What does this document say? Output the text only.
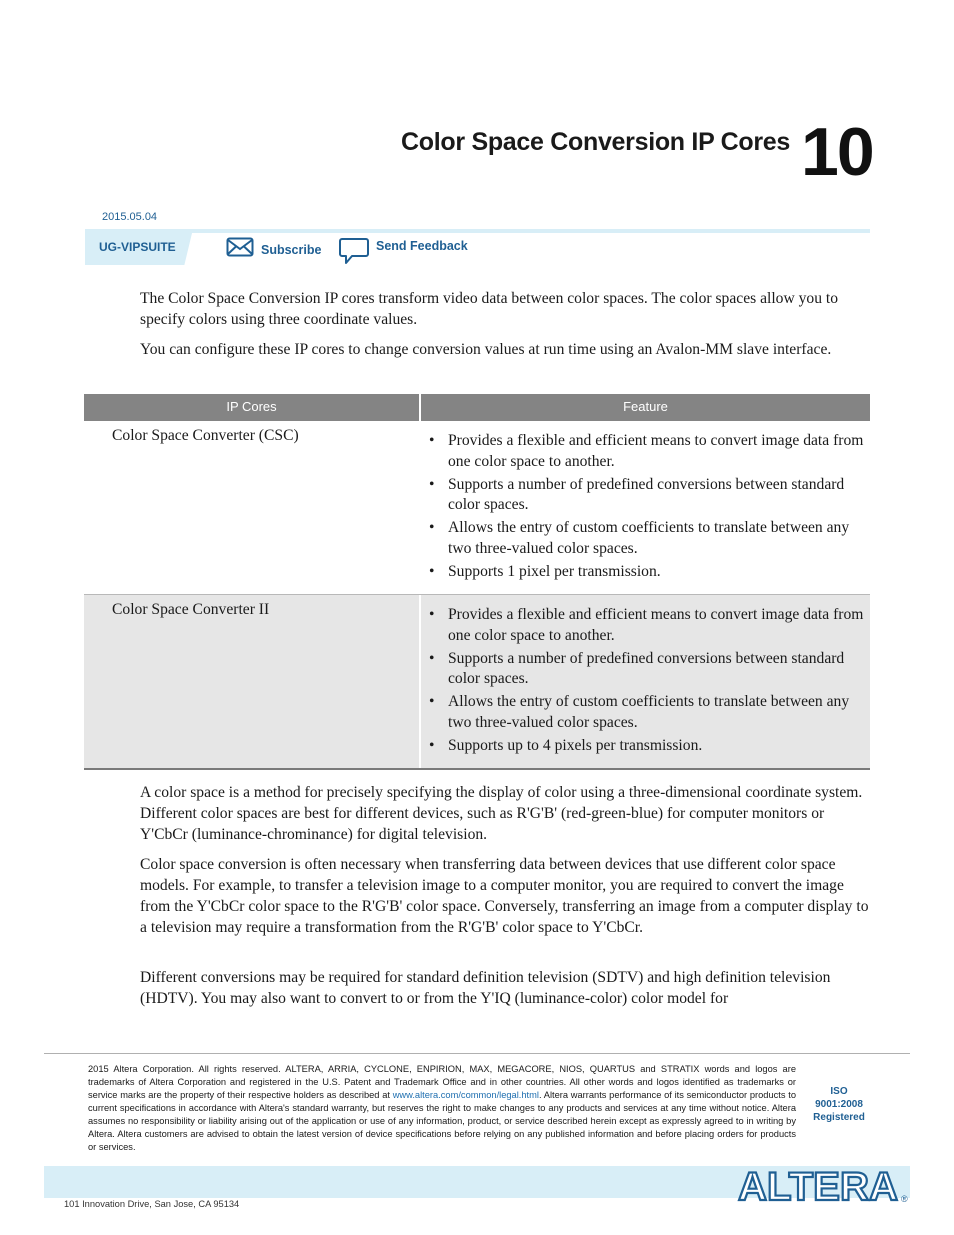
Color Space Conversion IP Cores 10
2015.05.04
UG-VIPSUITE	Subscribe	Send Feedback

The Color Space Conversion IP cores transform video data between color spaces. The color spaces allow you to specify colors using three coordinate values.

You can configure these IP cores to change conversion values at run time using an Avalon-MM slave interface.

IP Cores	Feature
Color Space Converter (CSC)	• Provides a flexible and efficient means to convert image data from one color space to another.
• Supports a number of predefined conversions between standard color spaces.
• Allows the entry of custom coefficients to translate between any two three-valued color spaces.
• Supports 1 pixel per transmission.
Color Space Converter II	• Provides a flexible and efficient means to convert image data from one color space to another.
• Supports a number of predefined conversions between standard color spaces.
• Allows the entry of custom coefficients to translate between any two three-valued color spaces.
• Supports up to 4 pixels per transmission.

A color space is a method for precisely specifying the display of color using a three-dimensional coordinate system. Different color spaces are best for different devices, such as R'G'B' (red-green-blue) for computer monitors or Y'CbCr (luminance-chrominance) for digital television.

Color space conversion is often necessary when transferring data between devices that use different color space models. For example, to transfer a television image to a computer monitor, you are required to convert the image from the Y'CbCr color space to the R'G'B' color space. Conversely, transferring an image from a computer display to a television may require a transformation from the R'G'B' color space to Y'CbCr.

Different conversions may be required for standard definition television (SDTV) and high definition television (HDTV). You may also want to convert to or from the Y'IQ (luminance-color) color model for

2015 Altera Corporation. All rights reserved. ALTERA, ARRIA, CYCLONE, ENPIRION, MAX, MEGACORE, NIOS, QUARTUS and STRATIX words and logos are trademarks of Altera Corporation and registered in the U.S. Patent and Trademark Office and in other countries. All other words and logos identified as trademarks or service marks are the property of their respective holders as described at www.altera.com/common/legal.html. Altera warrants performance of its semiconductor products to current specifications in accordance with Altera's standard warranty, but reserves the right to make changes to any products and services at any time without notice. Altera assumes no responsibility or liability arising out of the application or use of any information, product, or service described herein except as expressly agreed to in writing by Altera. Altera customers are advised to obtain the latest version of device specifications before relying on any published information and before placing orders for products or services.

ISO
9001:2008
Registered
101 Innovation Drive, San Jose, CA 95134	ALTERA ®
